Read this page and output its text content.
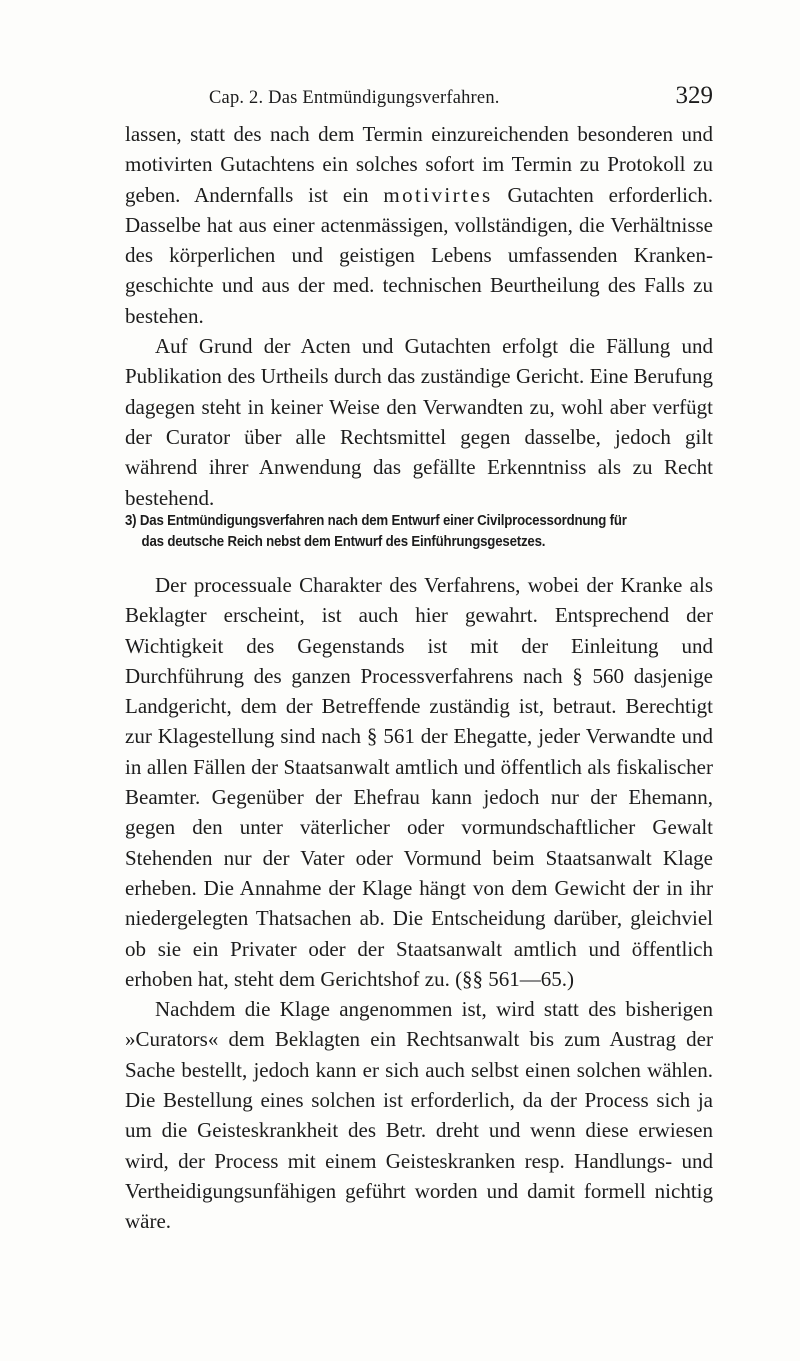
Cap. 2. Das Entmündigungsverfahren.	329

lassen, statt des nach dem Termin einzureichenden besonderen und motivirten Gutachtens ein solches sofort im Termin zu Protokoll zu geben. Andernfalls ist ein motivirtes Gutachten erforderlich. Dasselbe hat aus einer actenmässigen, vollständigen, die Verhältnisse des körperlichen und geistigen Lebens umfassenden Krankengeschichte und aus der med. technischen Beurtheilung des Falls zu bestehen.

Auf Grund der Acten und Gutachten erfolgt die Fällung und Publikation des Urtheils durch das zuständige Gericht. Eine Berufung dagegen steht in keiner Weise den Verwandten zu, wohl aber verfügt der Curator über alle Rechtsmittel gegen dasselbe, jedoch gilt während ihrer Anwendung das gefällte Erkenntniss als zu Recht bestehend.

3) Das Entmündigungsverfahren nach dem Entwurf einer Civilprocessordnung für
das deutsche Reich nebst dem Entwurf des Einführungsgesetzes.

Der processuale Charakter des Verfahrens, wobei der Kranke als Beklagter erscheint, ist auch hier gewahrt. Entsprechend der Wichtigkeit des Gegenstands ist mit der Einleitung und Durchführung des ganzen Processverfahrens nach § 560 dasjenige Landgericht, dem der Betreffende zuständig ist, betraut. Berechtigt zur Klagestellung sind nach § 561 der Ehegatte, jeder Verwandte und in allen Fällen der Staatsanwalt amtlich und öffentlich als fiskalischer Beamter. Gegenüber der Ehefrau kann jedoch nur der Ehemann, gegen den unter väterlicher oder vormundschaftlicher Gewalt Stehenden nur der Vater oder Vormund beim Staatsanwalt Klage erheben. Die Annahme der Klage hängt von dem Gewicht der in ihr niedergelegten Thatsachen ab. Die Entscheidung darüber, gleichviel ob sie ein Privater oder der Staatsanwalt amtlich und öffentlich erhoben hat, steht dem Gerichtshof zu. (§§ 561—65.)

Nachdem die Klage angenommen ist, wird statt des bisherigen »Curators« dem Beklagten ein Rechtsanwalt bis zum Austrag der Sache bestellt, jedoch kann er sich auch selbst einen solchen wählen. Die Bestellung eines solchen ist erforderlich, da der Process sich ja um die Geisteskrankheit des Betr. dreht und wenn diese erwiesen wird, der Process mit einem Geisteskranken resp. Handlungs- und Vertheidigungsunfähigen geführt worden und damit formell nichtig wäre.
